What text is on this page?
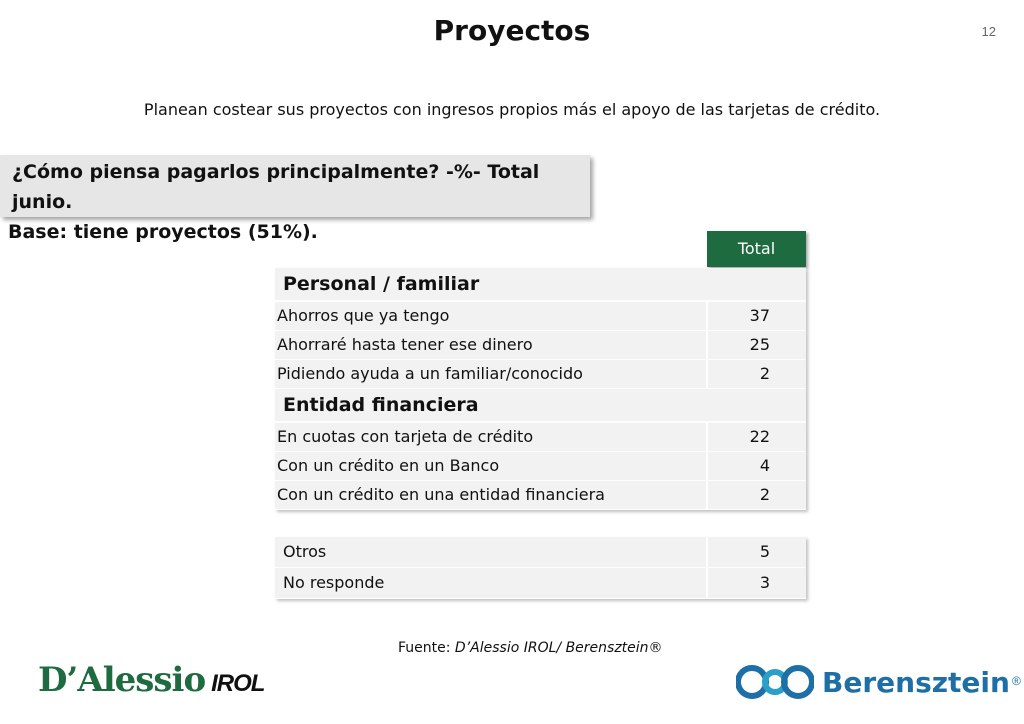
Proyectos	12
Planean costear sus proyectos con ingresos propios más el apoyo de las tarjetas de crédito.
¿Cómo piensa pagarlos principalmente? -%- Total junio.
Base: tiene proyectos (51%).
Total
Personal / familiar
Ahorros que ya tengo	37
Ahorraré hasta tener ese dinero	25
Pidiendo ayuda a un familiar/conocido	2
Entidad financiera
En cuotas con tarjeta de crédito	22
Con un crédito en un Banco	4
Con un crédito en una entidad financiera	2
Otros	5
No responde	3
Fuente: D’Alessio IROL/ Berensztein®
D’Alessio IROL	Berensztein ®
